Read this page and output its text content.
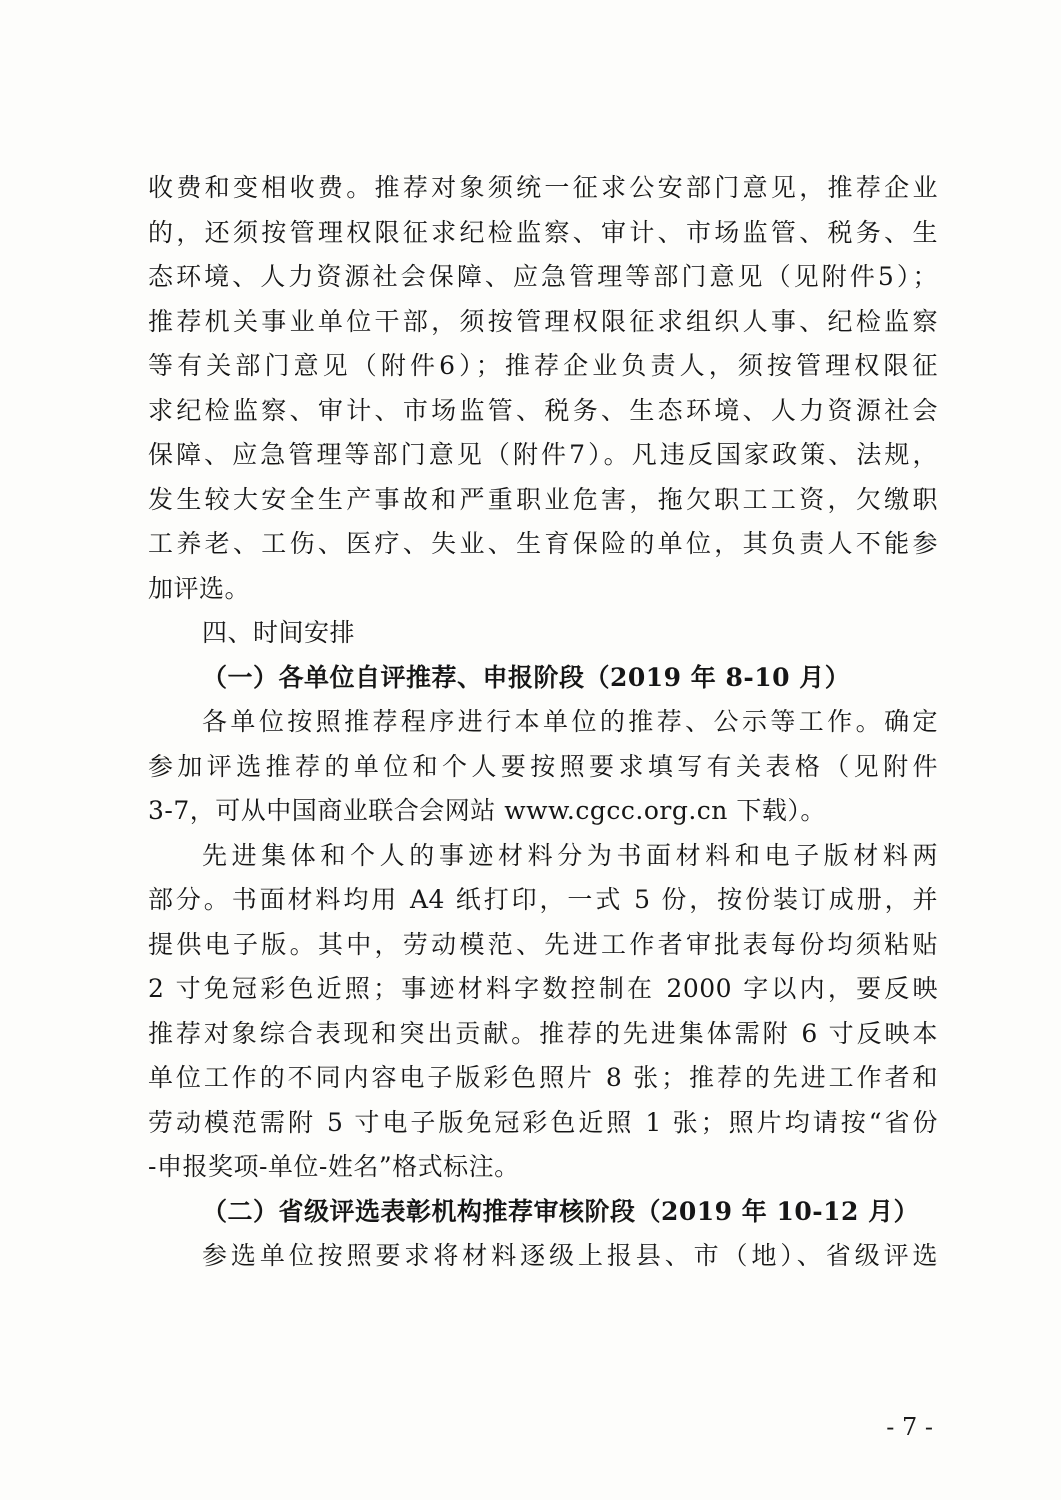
收费和变相收费。推荐对象须统一征求公安部门意见，推荐企业
的，还须按管理权限征求纪检监察、审计、市场监管、税务、生
态环境、人力资源社会保障、应急管理等部门意见（见附件5）；
推荐机关事业单位干部，须按管理权限征求组织人事、纪检监察
等有关部门意见（附件6）；推荐企业负责人，须按管理权限征
求纪检监察、审计、市场监管、税务、生态环境、人力资源社会
保障、应急管理等部门意见（附件7）。凡违反国家政策、法规，
发生较大安全生产事故和严重职业危害，拖欠职工工资，欠缴职
工养老、工伤、医疗、失业、生育保险的单位，其负责人不能参
加评选。
四、时间安排
（一）各单位自评推荐、申报阶段（2019 年 8-10 月）
各单位按照推荐程序进行本单位的推荐、公示等工作。确定
参加评选推荐的单位和个人要按照要求填写有关表格（见附件
3-7，可从中国商业联合会网站 www.cgcc.org.cn 下载）。
先进集体和个人的事迹材料分为书面材料和电子版材料两
部分。书面材料均用 A4 纸打印，一式 5 份，按份装订成册，并
提供电子版。其中，劳动模范、先进工作者审批表每份均须粘贴
2 寸免冠彩色近照；事迹材料字数控制在 2000 字以内，要反映
推荐对象综合表现和突出贡献。推荐的先进集体需附 6 寸反映本
单位工作的不同内容电子版彩色照片 8 张；推荐的先进工作者和
劳动模范需附 5 寸电子版免冠彩色近照 1 张；照片均请按“省份
-申报奖项-单位-姓名”格式标注。
（二）省级评选表彰机构推荐审核阶段（2019 年 10-12 月）
参选单位按照要求将材料逐级上报县、市（地）、省级评选
- 7 -
